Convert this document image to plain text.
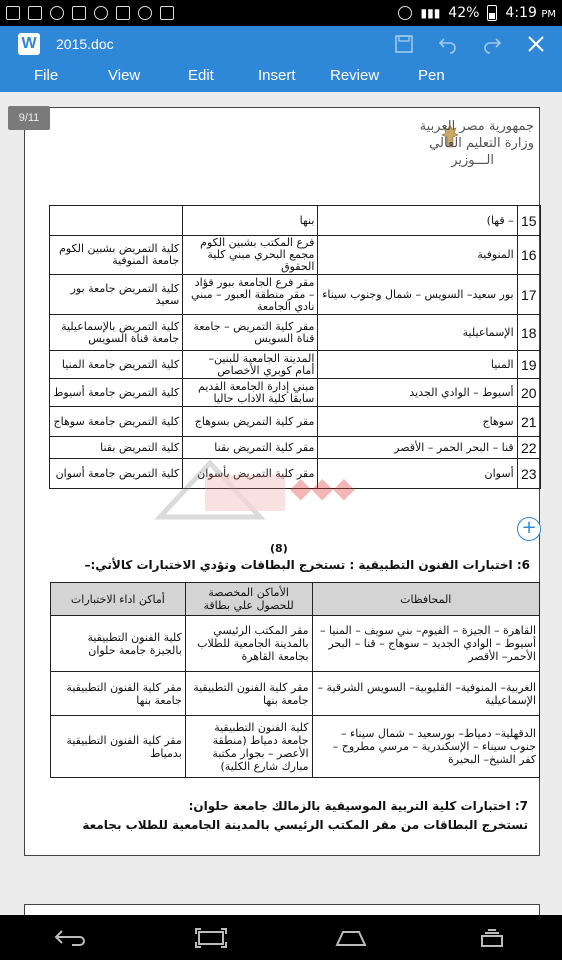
▮▮▮ 42% 4:19 PM
W 2015.doc
File	View	Edit	Insert Review	Pen
9/11
جمهورية مصر العربية
وزارة التعليم العالي
الـــوزير
15	– قها)	بنها	
16	المنوفية	فرع المكتب بشبين الكوم مجمع البحري مبني كلية الحقوق	كلية التمريض بشبين الكوم جامعة المنوفية
17	بور سعيد– السويس – شمال وجنوب سيناء	مقر فرع الجامعة ببور فؤاد – مقر منطقة العبور – مبني نادي الجامعة	كلية التمريض جامعة بور سعيد
18	الإسماعيلية	مقر كلية التمريض – جامعة قناة السويس	كلية التمريض بالإسماعيلية جامعة قناة السويس
19	المنيا	المدينة الجامعية للبنين– أمام كوبري الأخصاص	كلية التمريض جامعة المنيا
20	أسيوط – الوادي الجديد	مبني إدارة الجامعة القديم سابقا كلية الاداب حاليا	كلية التمريض جامعة أسيوط
21	سوهاج	مقر كلية التمريض بسوهاج	كلية التمريض جامعة سوهاج
22	قنا – البحر الحمر – الأقصر	مقر كلية التمريض بقنا	كلية التمريض بقنا
23	أسوان	مقر كلية التمريض بأسوان	كلية التمريض جامعة أسوان	◆◆◆
+
(8)
6: اختبارات الفنون التطبيقية : تستخرج البطاقات وتؤدي الاختبارات كالأتي:–
المحافظات	الأماكن المخصصة للحصول علي بطاقة	أماكن اداء الاختبارات
القاهرة – الجيزة – الفيوم– بني سويف – المنيا – أسيوط – الوادي الجديد – سوهاج – قنا – البحر الأحمر– الأقصر	مقر المكتب الرئيسي بالمدينة الجامعية للطلاب بجامعة القاهرة	كلية الفنون التطبيقية بالجيزة جامعة حلوان
الغربية– المنوفية– القليوبية– السويس الشرقية – الإسماعيلية	مقر كلية الفنون التطبيقية جامعة بنها	مقر كلية الفنون التطبيقية جامعة بنها
الدقهلية– دمياط– بورسعيد – شمال سيناء – جنوب سيناء – الإسكندرية – مرسي مطروح – كفر الشيخ– البحيرة	كلية الفنون التطبيقية جامعة دمياط (منطقة الأعصر – بجوار مكتبة مبارك شارع الكلية)	مقر كلية الفنون التطبيقية بدمياط
7: اختبارات كلية التربية الموسيقية بالزمالك جامعة حلوان:
تستخرج البطاقات من مقر المكتب الرئيسي بالمدينة الجامعية للطلاب بجامعة
